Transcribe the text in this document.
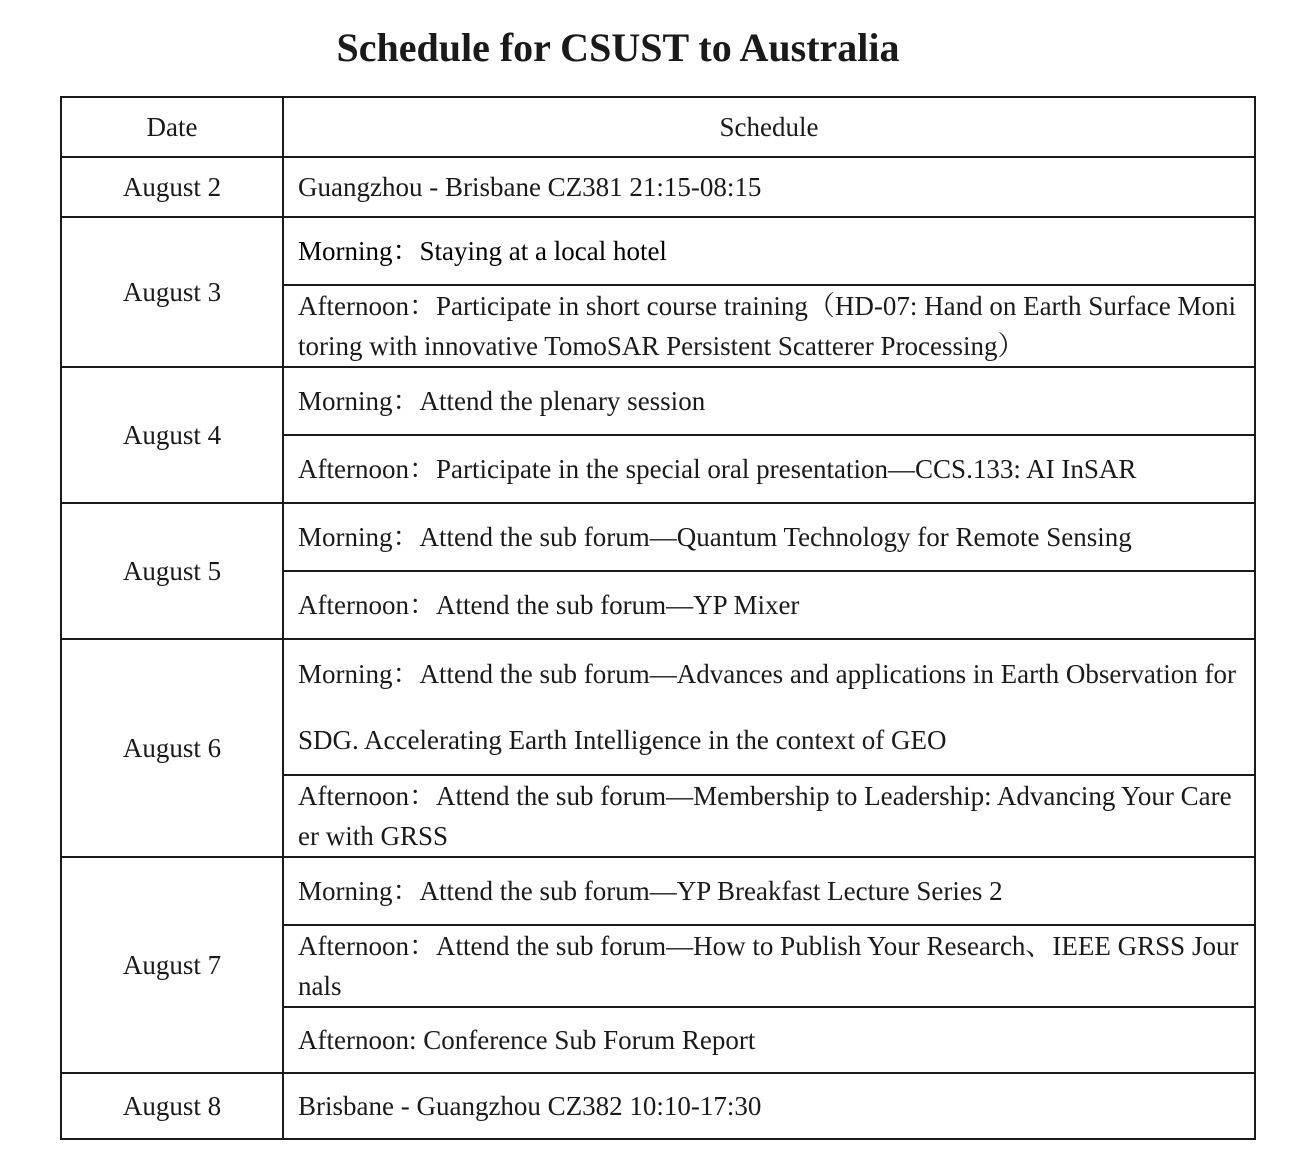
Schedule for CSUST to Australia
Date	Schedule
August 2	Guangzhou - Brisbane CZ381 21:15-08:15
August 3	Morning：Staying at a local hotel
	Afternoon：Participate in short course training（HD-07: Hand on Earth Surface Monitoring with innovative TomoSAR Persistent Scatterer Processing）
August 4	Morning：Attend the plenary session
	Afternoon：Participate in the special oral presentation—CCS.133: AI InSAR
August 5	Morning：Attend the sub forum—Quantum Technology for Remote Sensing
	Afternoon：Attend the sub forum—YP Mixer
August 6	Morning：Attend the sub forum—Advances and applications in Earth Observation for SDG. Accelerating Earth Intelligence in the context of GEO
	Afternoon：Attend the sub forum—Membership to Leadership: Advancing Your Career with GRSS
August 7	Morning：Attend the sub forum—YP Breakfast Lecture Series 2
	Afternoon：Attend the sub forum—How to Publish Your Research、IEEE GRSS Journals
	Afternoon: Conference Sub Forum Report
August 8	Brisbane - Guangzhou CZ382 10:10-17:30
